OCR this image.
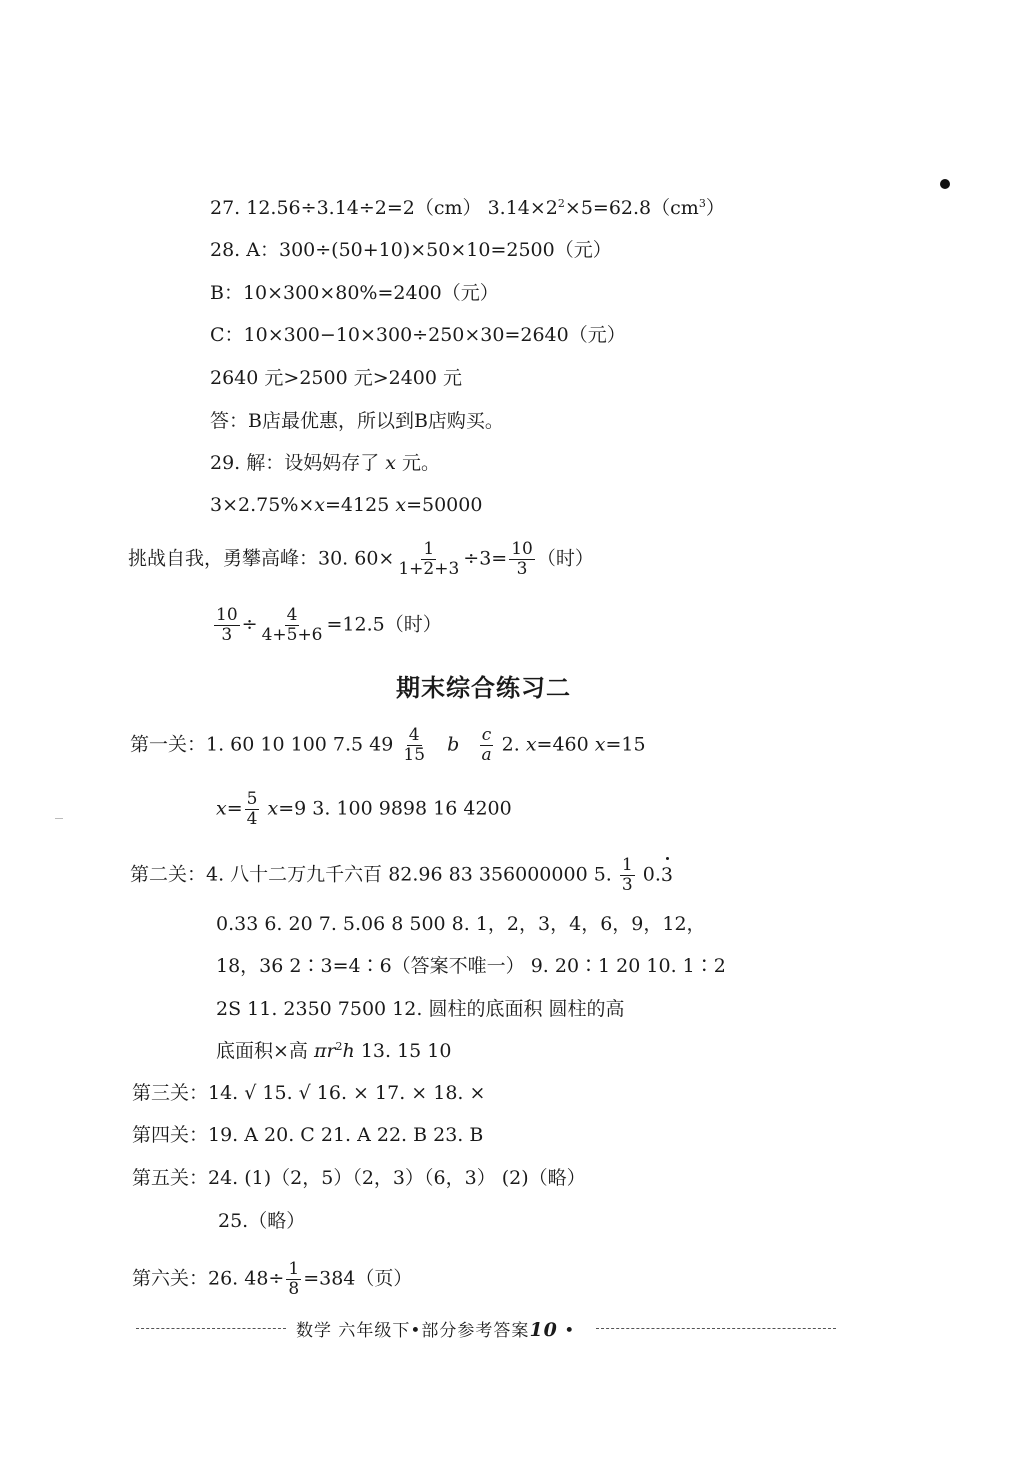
27. 12.56÷3.14÷2=2（cm） $3.14\times 2^2\times 5=62.8(cm^3)$
28. A：300÷(50+10)×50×10=2500（元）
B：10×300×80%=2400（元）
C：10×300−10×300÷250×30=2640（元）
2640 元>2500 元>2400 元
答：B店最优惠，所以到B店购买。
29. 解：设妈妈存了 x 元。
3×2.75%×x=4125 x=50000
挑战自我，勇攀高峰：30. $60\times \frac{1}{1+2+3} \div 3= \frac{10}{3}$ （时）
$\frac{10}{3} \div \frac{4}{4+5+6} =12.5$（时）
期末综合练习二
第一关：1. 60 10 100 7.5 $49 \frac{4}{15}$ b $\frac{c}{a} 2$. x=460 x=15
$x= \frac{5}{4} x=9$ 3. 100 9898 16 4200
第二关：4. 八十二万九千六百 82.96 83 356000000 5. $\frac{1}{3} 0.3$
0.33 6. 20 7. 5.06 8 500 8. 1，2，3，4，6，9，12，
18，36 2∶3=4∶6（答案不唯一） 9. 20∶1 20 10. 1∶2
2S 11. 2350 7500 12. 圆柱的底面积 圆柱的高
底面积×高 $\pi r^2h$ 13. 15 10
第三关：14. √ 15. √ 16. × 17. × 18. ×
第四关：19. A 20. C 21. A 22. B 23. B
第五关：24. (1)（2，5）（2，3）（6，3） (2)（略）
25.（略）
第六关：26. $48\div \frac{1}{8} =384$（页）
数学 六年级下•部分参考答案10 •
